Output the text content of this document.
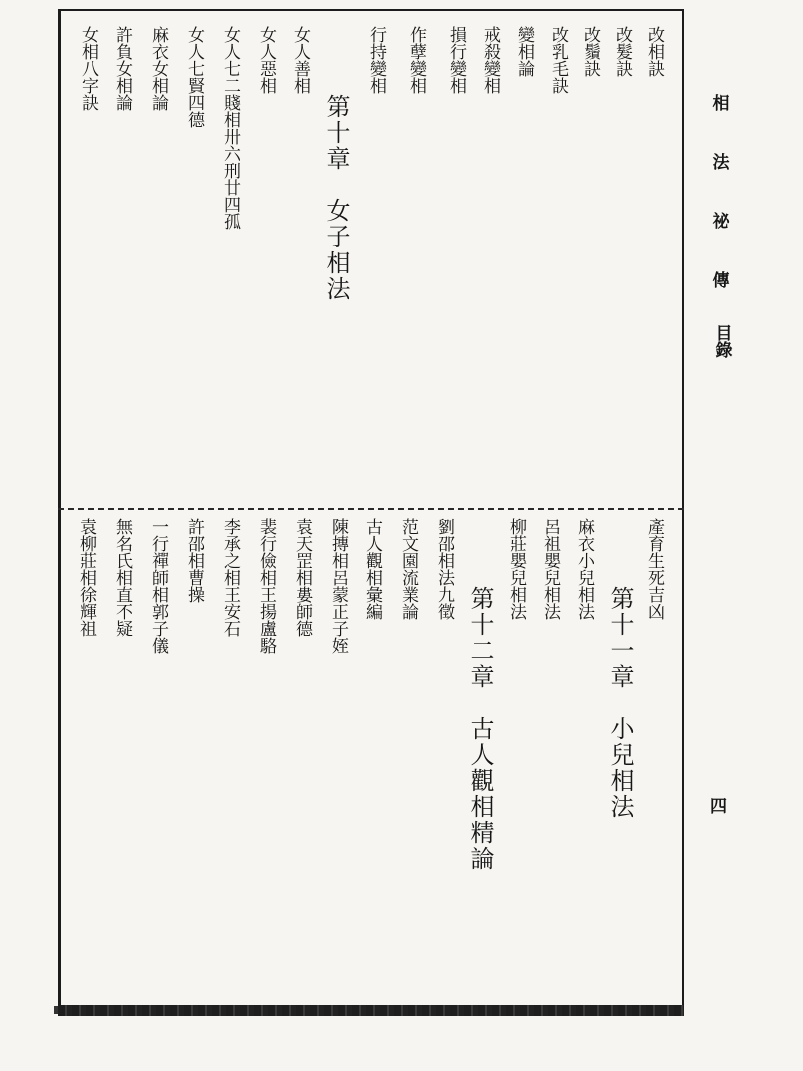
相
法
祕
傳
目錄
四
改相訣
改髮訣
改鬚訣
改乳毛訣
變相論
戒殺變相
損行變相
作孽變相
行持變相
第十章　女子相法
女人善相
女人惡相
女人七二賤相卅六刑廿四孤
女人七賢四德
麻衣女相論
許負女相論
女相八字訣
產育生死吉凶
第十一章　小兒相法
麻衣小兒相法
呂祖嬰兒相法
柳莊嬰兒相法
劉邵相法九徵
第十二章　古人觀相精論
范文園流業論
古人觀相彙編
陳摶相呂蒙正子姪
袁天罡相婁師德
裴行儉相王揚盧駱
李承之相王安石
許邵相曹操
一行禪師相郭子儀
無名氏相直不疑
袁柳莊相徐輝祖
